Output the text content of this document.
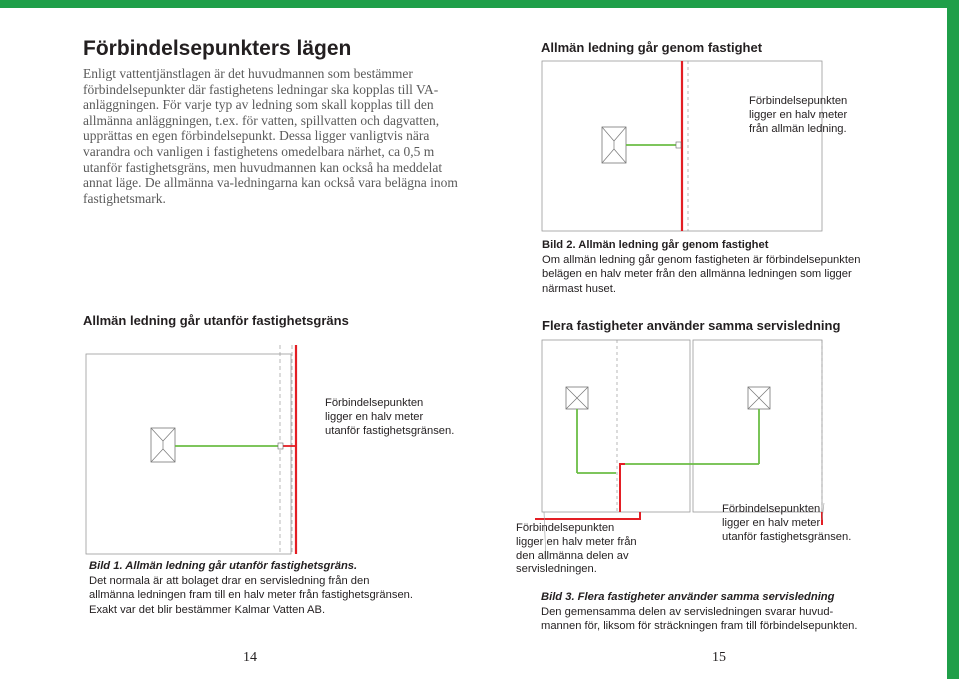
Förbindelsepunkters lägen
Enligt vattentjänstlagen är det huvudmannen som bestämmer
förbindelsepunkter där fastighetens ledningar ska kopplas till VA-
anläggningen. För varje typ av ledning som skall kopplas till den
allmänna anläggningen, t.ex. för vatten, spillvatten och dagvatten,
upprättas en egen förbindelsepunkt. Dessa ligger vanligtvis nära
varandra och vanligen i fastighetens omedelbara närhet, ca 0,5 m
utanför fastighetsgräns, men huvudmannen kan också ha meddelat
annat läge. De allmänna va-ledningarna kan också vara belägna inom
fastighetsmark.
Allmän ledning går utanför fastighetsgräns
Förbindelsepunkten
ligger en halv meter
utanför fastighetsgränsen.
Bild 1. Allmän ledning går utanför fastighetsgräns.
Det normala är att bolaget drar en servisledning från den
allmänna ledningen fram till en halv meter från fastighetsgränsen.
Exakt var det blir bestämmer Kalmar Vatten AB.
14
Allmän ledning går genom fastighet
Förbindelsepunkten
ligger en halv meter
från allmän ledning.
Bild 2. Allmän ledning går genom fastighet
Om allmän ledning går genom fastigheten är förbindelsepunkten
belägen en halv meter från den allmänna ledningen som ligger
närmast huset.
Flera fastigheter använder samma servisledning
Förbindelsepunkten
ligger en halv meter från
den allmänna delen av
servisledningen.
Förbindelsepunkten
ligger en halv meter
utanför fastighetsgränsen.
Bild 3. Flera fastigheter använder samma servisledning
Den gemensamma delen av servisledningen svarar huvud-
mannen för, liksom för sträckningen fram till förbindelsepunkten.
15
